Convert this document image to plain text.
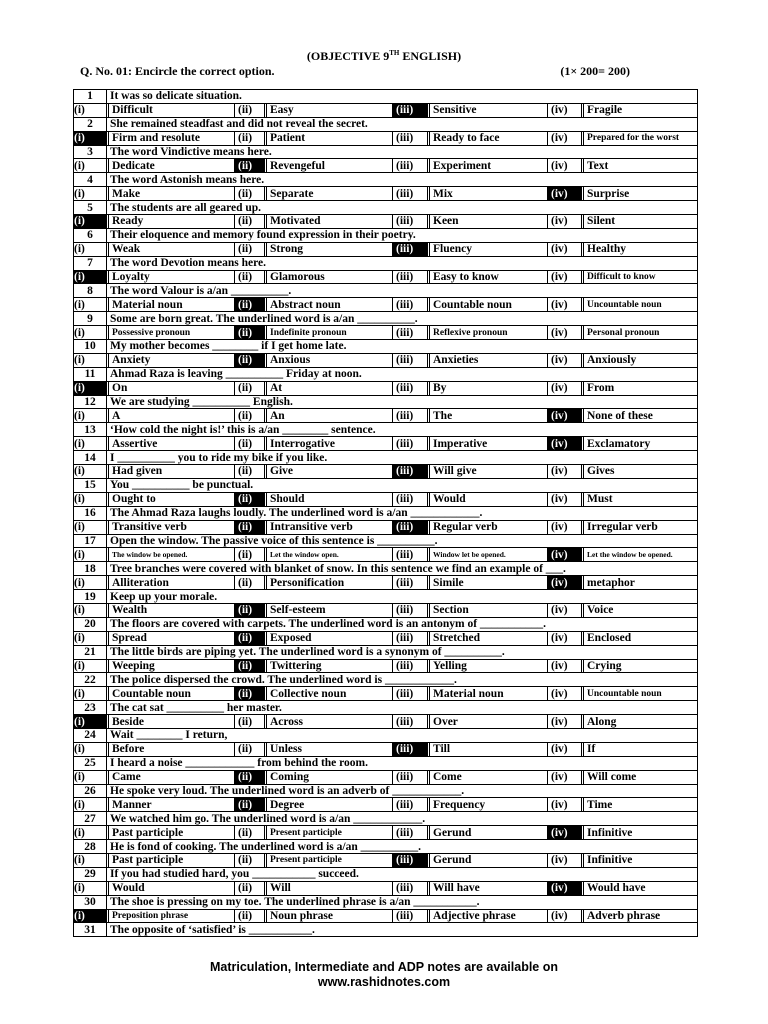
(OBJECTIVE 9TH ENGLISH)
Q. No. 01: Encircle the correct option.	(1× 200= 200)
1	It was so delicate situation.										
(i)		Difficult	(ii)		Easy	(iii)		Sensitive	(iv)		Fragile
2	She remained steadfast and did not reveal the secret.										
(i)		Firm and resolute	(ii)		Patient	(iii)		Ready to face	(iv)		Prepared for the worst
3	The word Vindictive means here.										
(i)		Dedicate	(ii)		Revengeful	(iii)		Experiment	(iv)		Text
4	The word Astonish means here.										
(i)		Make	(ii)		Separate	(iii)		Mix	(iv)		Surprise
5	The students are all geared up.										
(i)		Ready	(ii)		Motivated	(iii)		Keen	(iv)		Silent
6	Their eloquence and memory found expression in their poetry.										
(i)		Weak	(ii)		Strong	(iii)		Fluency	(iv)		Healthy
7	The word Devotion means here.										
(i)		Loyalty	(ii)		Glamorous	(iii)		Easy to know	(iv)		Difficult to know
8	The word Valour is a/an __________.										
(i)		Material noun	(ii)		Abstract noun	(iii)		Countable noun	(iv)		Uncountable noun
9	Some are born great. The underlined word is a/an __________.										
(i)		Possessive pronoun	(ii)		Indefinite pronoun	(iii)		Reflexive pronoun	(iv)		Personal pronoun
10	My mother becomes ________ if I get home late.										
(i)		Anxiety	(ii)		Anxious	(iii)		Anxieties	(iv)		Anxiously
11	Ahmad Raza is leaving __________ Friday at noon.										
(i)		On	(ii)		At	(iii)		By	(iv)		From
12	We are studying __________ English.										
(i)		A	(ii)		An	(iii)		The	(iv)		None of these
13	‘How cold the night is!’ this is a/an ________ sentence.										
(i)		Assertive	(ii)		Interrogative	(iii)		Imperative	(iv)		Exclamatory
14	I __________ you to ride my bike if you like.										
(i)		Had given	(ii)		Give	(iii)		Will give	(iv)		Gives
15	You __________ be punctual.										
(i)		Ought to	(ii)		Should	(iii)		Would	(iv)		Must
16	The Ahmad Raza laughs loudly. The underlined word is a/an ____________.										
(i)		Transitive verb	(ii)		Intransitive verb	(iii)		Regular verb	(iv)		Irregular verb
17	Open the window. The passive voice of this sentence is __________.										
(i)		The window be opened.	(ii)		Let the window open.	(iii)		Window let be opened.	(iv)		Let the window be opened.
18	Tree branches were covered with blanket of snow. In this sentence we find an example of ___.										
(i)		Alliteration	(ii)		Personification	(iii)		Simile	(iv)		metaphor
19	Keep up your morale.										
(i)		Wealth	(ii)		Self-esteem	(iii)		Section	(iv)		Voice
20	The floors are covered with carpets. The underlined word is an antonym of ___________.										
(i)		Spread	(ii)		Exposed	(iii)		Stretched	(iv)		Enclosed
21	The little birds are piping yet. The underlined word is a synonym of __________.										
(i)		Weeping	(ii)		Twittering	(iii)		Yelling	(iv)		Crying
22	The police dispersed the crowd. The underlined word is ____________.										
(i)		Countable noun	(ii)		Collective noun	(iii)		Material noun	(iv)		Uncountable noun
23	The cat sat __________ her master.										
(i)		Beside	(ii)		Across	(iii)		Over	(iv)		Along
24	Wait ________ I return,										
(i)		Before	(ii)		Unless	(iii)		Till	(iv)		If
25	I heard a noise ____________ from behind the room.										
(i)		Came	(ii)		Coming	(iii)		Come	(iv)		Will come
26	He spoke very loud. The underlined word is an adverb of ____________.										
(i)		Manner	(ii)		Degree	(iii)		Frequency	(iv)		Time
27	We watched him go. The underlined word is a/an ____________.										
(i)		Past participle	(ii)		Present participle	(iii)		Gerund	(iv)		Infinitive
28	He is fond of cooking. The underlined word is a/an __________.										
(i)		Past participle	(ii)		Present participle	(iii)		Gerund	(iv)		Infinitive
29	If you had studied hard, you ___________ succeed.										
(i)		Would	(ii)		Will	(iii)		Will have	(iv)		Would have
30	The shoe is pressing on my toe. The underlined phrase is a/an ___________.										
(i)		Preposition phrase	(ii)		Noun phrase	(iii)		Adjective phrase	(iv)		Adverb phrase
31	The opposite of ‘satisfied’ is ___________.										
Matriculation, Intermediate and ADP notes are available on
www.rashidnotes.com
